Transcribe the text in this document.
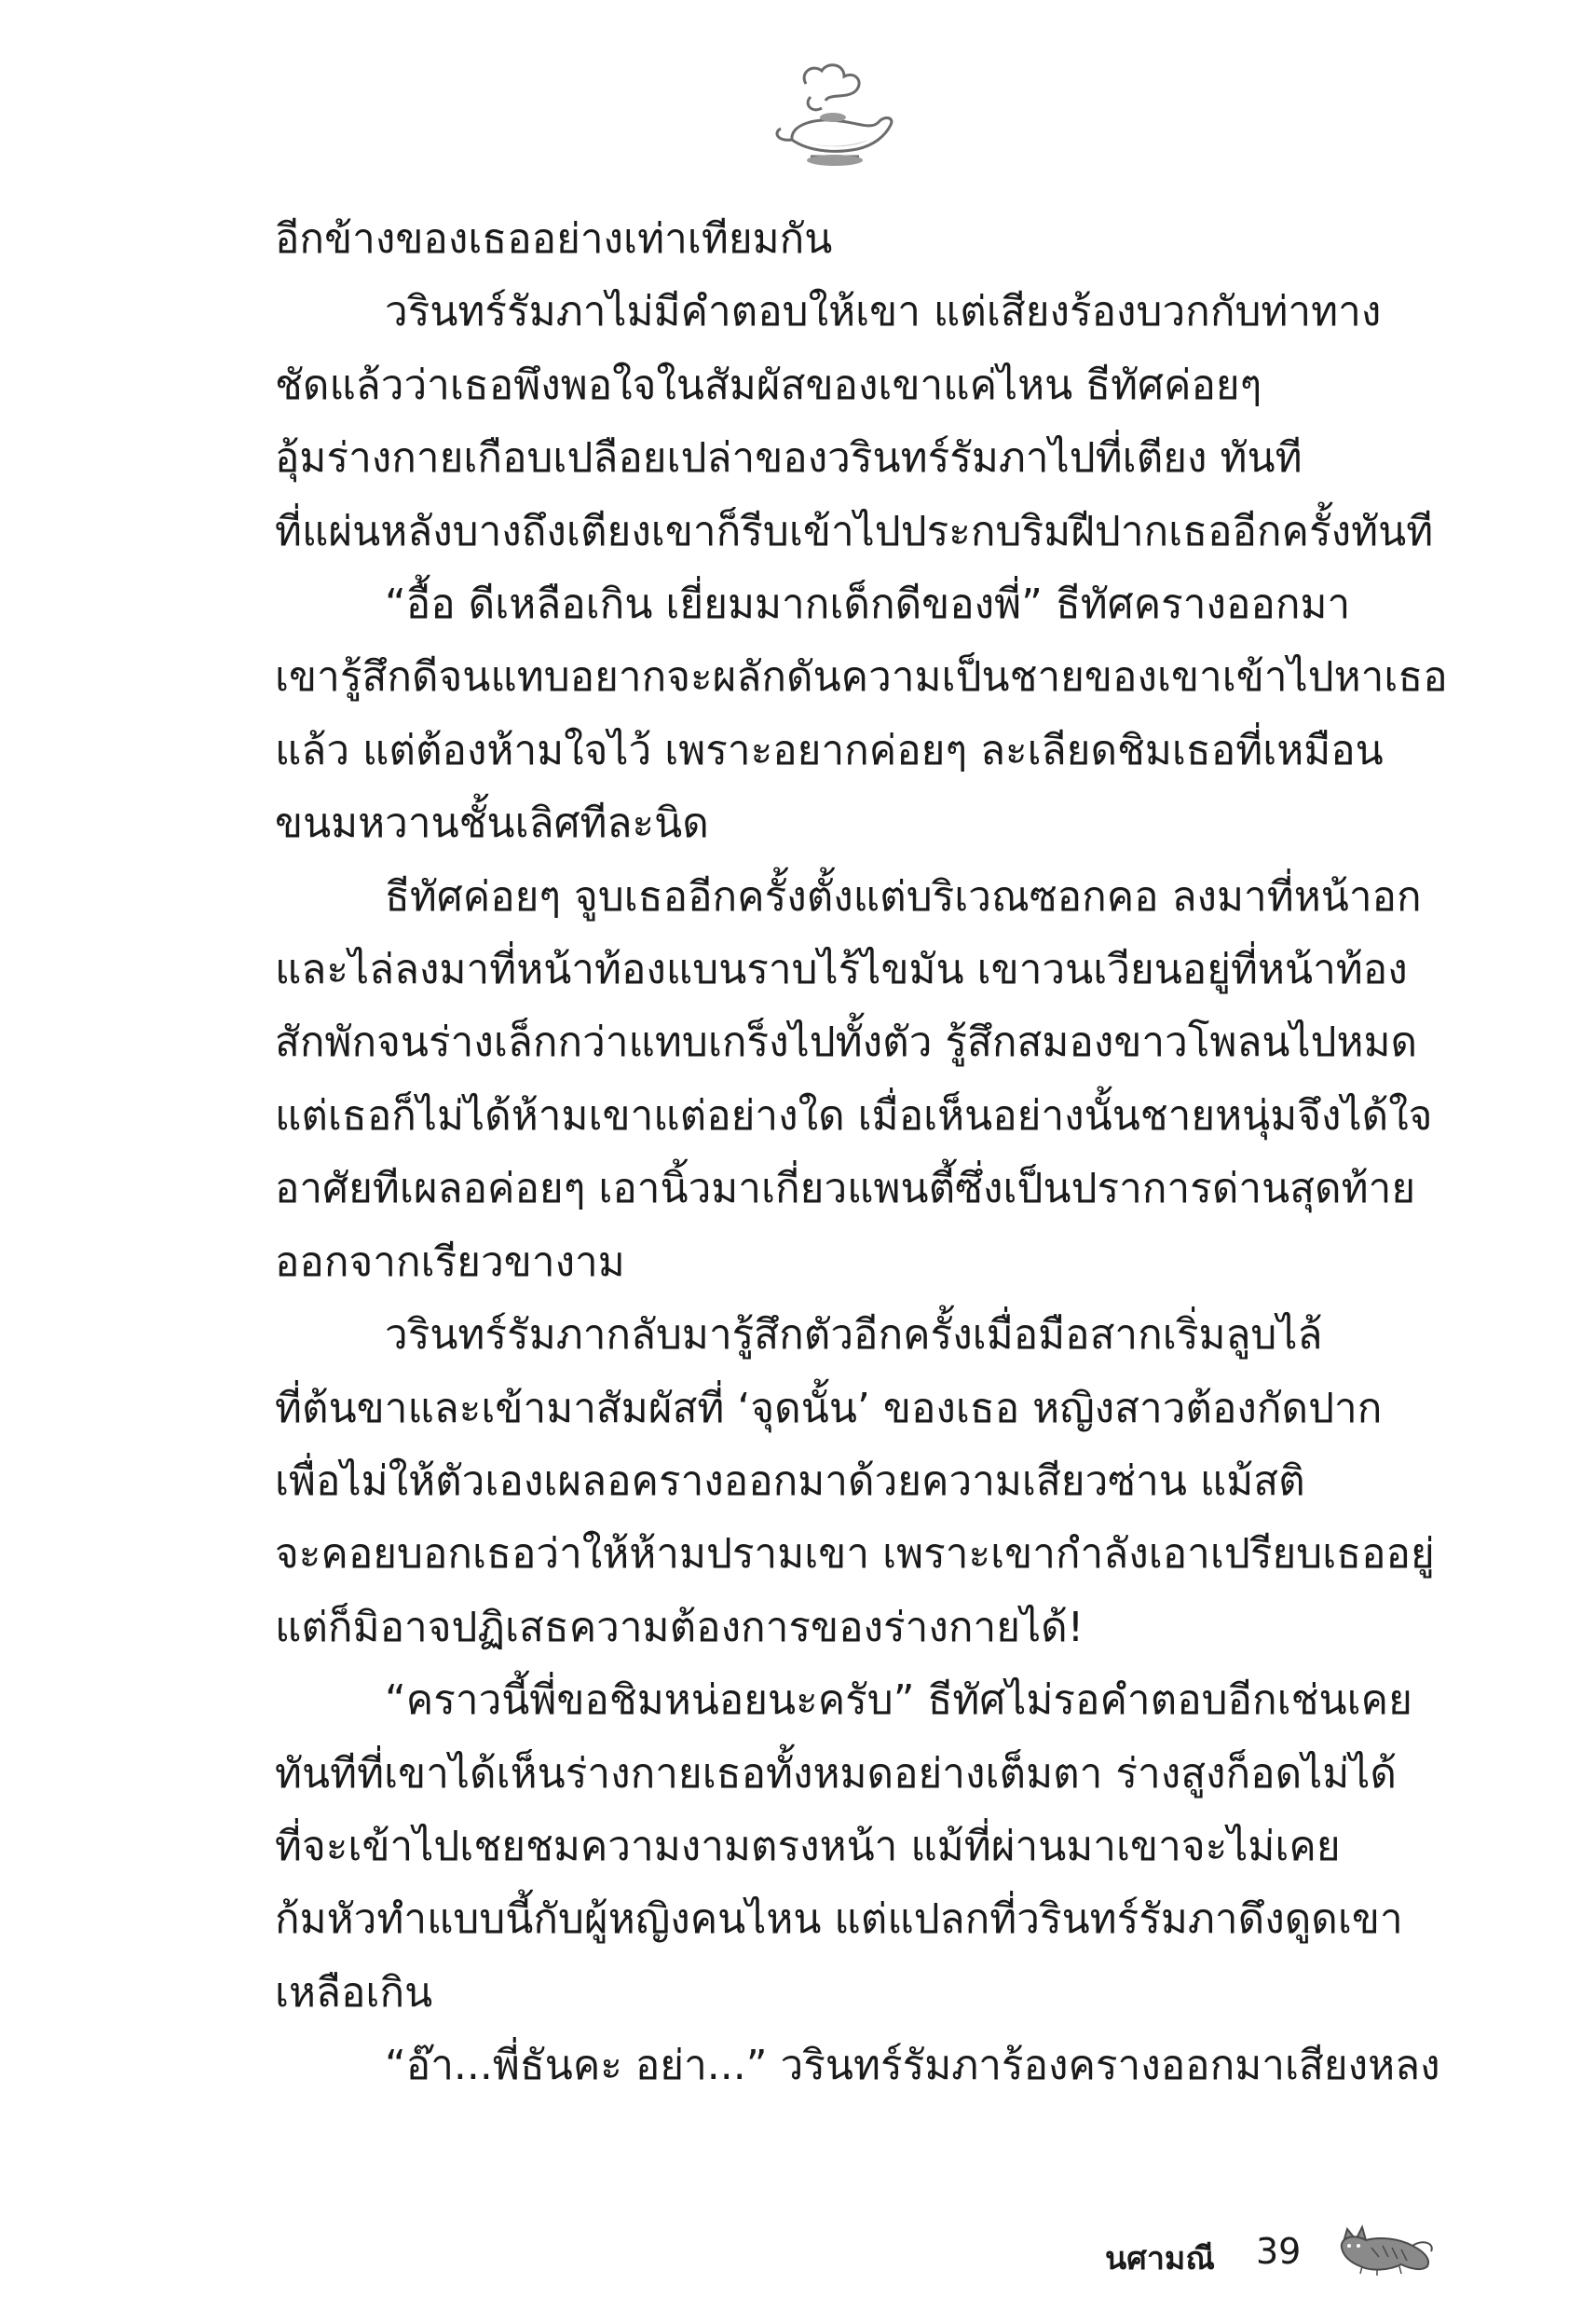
อีกข้างของเธออย่างเท่าเทียมกัน

วรินทร์รัมภาไม่มีคำตอบให้เขา แต่เสียงร้องบวกกับท่าทาง
ชัดแล้วว่าเธอพึงพอใจในสัมผัสของเขาแค่ไหน ธีทัศค่อยๆ
อุ้มร่างกายเกือบเปลือยเปล่าของวรินทร์รัมภาไปที่เตียง ทันที
ที่แผ่นหลังบางถึงเตียงเขาก็รีบเข้าไปประกบริมฝีปากเธออีกครั้งทันที

“อื้อ ดีเหลือเกิน เยี่ยมมากเด็กดีของพี่” ธีทัศครางออกมา
เขารู้สึกดีจนแทบอยากจะผลักดันความเป็นชายของเขาเข้าไปหาเธอ
แล้ว แต่ต้องห้ามใจไว้ เพราะอยากค่อยๆ ละเลียดชิมเธอที่เหมือน
ขนมหวานชั้นเลิศทีละนิด

ธีทัศค่อยๆ จูบเธออีกครั้งตั้งแต่บริเวณซอกคอ ลงมาที่หน้าอก
และไล่ลงมาที่หน้าท้องแบนราบไร้ไขมัน เขาวนเวียนอยู่ที่หน้าท้อง
สักพักจนร่างเล็กกว่าแทบเกร็งไปทั้งตัว รู้สึกสมองขาวโพลนไปหมด
แต่เธอก็ไม่ได้ห้ามเขาแต่อย่างใด เมื่อเห็นอย่างนั้นชายหนุ่มจึงได้ใจ
อาศัยทีเผลอค่อยๆ เอานิ้วมาเกี่ยวแพนตี้ซึ่งเป็นปราการด่านสุดท้าย
ออกจากเรียวขางาม

วรินทร์รัมภากลับมารู้สึกตัวอีกครั้งเมื่อมือสากเริ่มลูบไล้
ที่ต้นขาและเข้ามาสัมผัสที่ ‘จุดนั้น’ ของเธอ หญิงสาวต้องกัดปาก
เพื่อไม่ให้ตัวเองเผลอครางออกมาด้วยความเสียวซ่าน แม้สติ
จะคอยบอกเธอว่าให้ห้ามปรามเขา เพราะเขากำลังเอาเปรียบเธออยู่
แต่ก็มิอาจปฏิเสธความต้องการของร่างกายได้!

“คราวนี้พี่ขอชิมหน่อยนะครับ” ธีทัศไม่รอคำตอบอีกเช่นเคย
ทันทีที่เขาได้เห็นร่างกายเธอทั้งหมดอย่างเต็มตา ร่างสูงก็อดไม่ได้
ที่จะเข้าไปเชยชมความงามตรงหน้า แม้ที่ผ่านมาเขาจะไม่เคย
ก้มหัวทำแบบนี้กับผู้หญิงคนไหน แต่แปลกที่วรินทร์รัมภาดึงดูดเขา
เหลือเกิน

“อ๊า...พี่ธันคะ อย่า...” วรินทร์รัมภาร้องครางออกมาเสียงหลง

นศามณี 39
